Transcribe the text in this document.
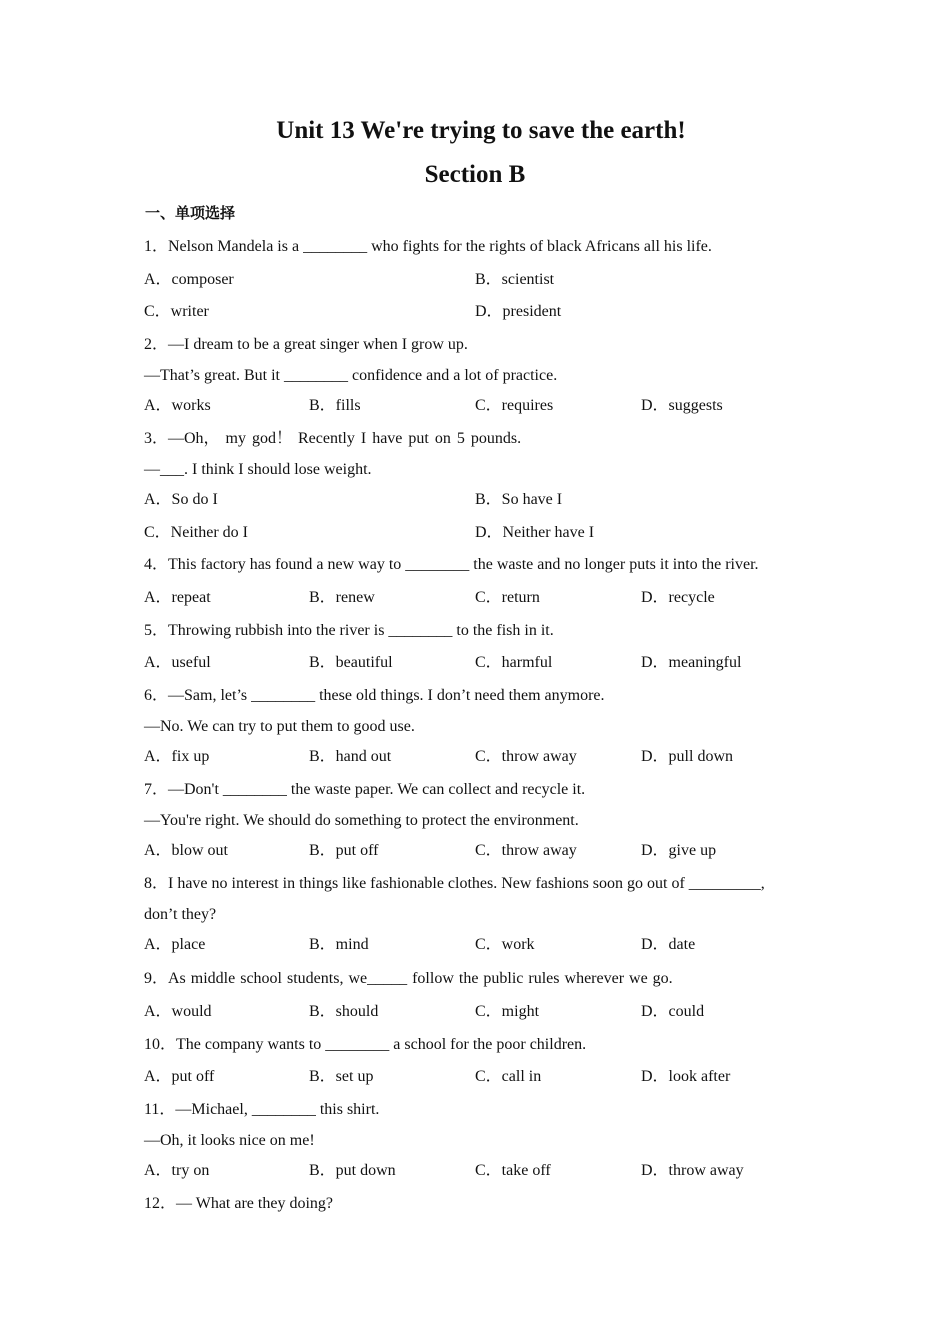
Unit 13 We're trying to save the earth!
Section B
一、单项选择
1．Nelson Mandela is a ________ who fights for the rights of black Africans all his life.
A．composer	B．scientist
C．writer	D．president
2．—I dream to be a great singer when I grow up.
—That’s great. But it ________ confidence and a lot of practice.
A．works	B．fills	C．requires	D．suggests
3．—Oh， my god！ Recently I have put on 5 pounds.
—___. I think I should lose weight.
A．So do I	B．So have I
C．Neither do I	D．Neither have I
4．This factory has found a new way to ________ the waste and no longer puts it into the river.
A．repeat	B．renew	C．return	D．recycle
5．Throwing rubbish into the river is ________ to the fish in it.
A．useful	B．beautiful	C．harmful	D．meaningful
6．—Sam, let’s ________ these old things. I don’t need them anymore.
—No. We can try to put them to good use.
A．fix up	B．hand out	C．throw away	D．pull down
7．—Don't ________ the waste paper. We can collect and recycle it.
—You're right. We should do something to protect the environment.
A．blow out	B．put off	C．throw away	D．give up
8．I have no interest in things like fashionable clothes. New fashions soon go out of _________,
don’t they?
A．place	B．mind	C．work	D．date
9．As middle school students, we_____ follow the public rules wherever we go.
A．would	B．should	C．might	D．could
10．The company wants to ________ a school for the poor children.
A．put off	B．set up	C．call in	D．look after
11．—Michael, ________ this shirt.
—Oh, it looks nice on me!
A．try on	B．put down	C．take off	D．throw away
12．— What are they doing?
